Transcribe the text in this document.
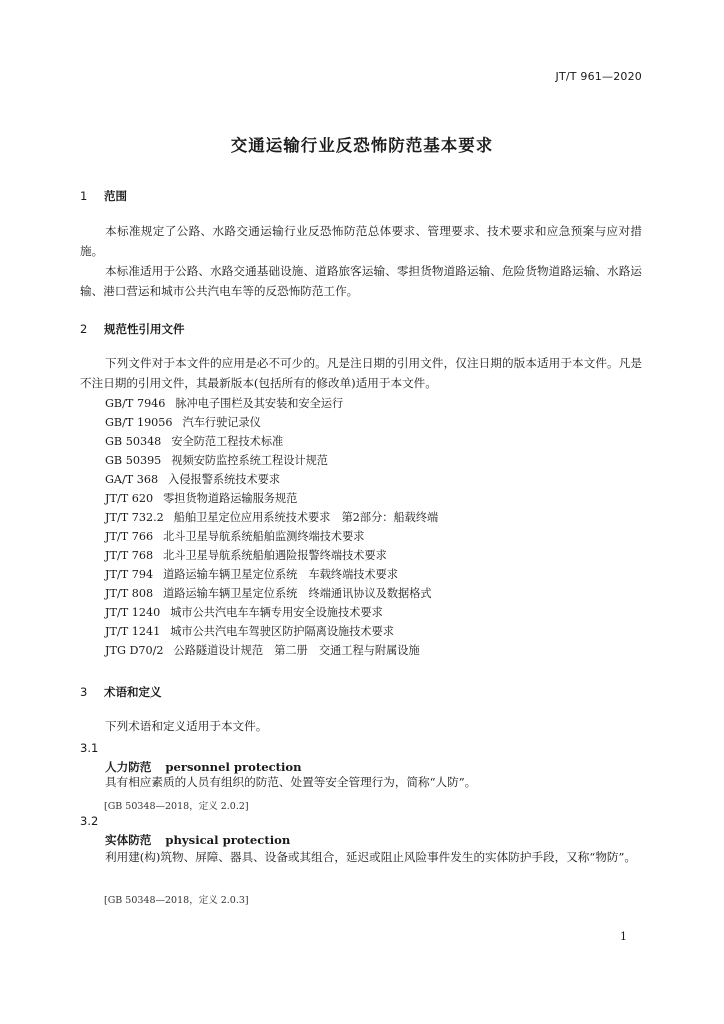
JT/T 961—2020
交通运输行业反恐怖防范基本要求
1 范围
本标准规定了公路、水路交通运输行业反恐怖防范总体要求、管理要求、技术要求和应急预案与应对措施。
本标准适用于公路、水路交通基础设施、道路旅客运输、零担货物道路运输、危险货物道路运输、水路运输、港口营运和城市公共汽电车等的反恐怖防范工作。
2 规范性引用文件
下列文件对于本文件的应用是必不可少的。凡是注日期的引用文件，仅注日期的版本适用于本文件。凡是不注日期的引用文件，其最新版本(包括所有的修改单)适用于本文件。
GB/T 7946 脉冲电子围栏及其安装和安全运行
GB/T 19056 汽车行驶记录仪
GB 50348 安全防范工程技术标准
GB 50395 视频安防监控系统工程设计规范
GA/T 368 入侵报警系统技术要求
JT/T 620 零担货物道路运输服务规范
JT/T 732.2 船舶卫星定位应用系统技术要求　第2部分：船载终端
JT/T 766 北斗卫星导航系统船舶监测终端技术要求
JT/T 768 北斗卫星导航系统船舶遇险报警终端技术要求
JT/T 794 道路运输车辆卫星定位系统　车载终端技术要求
JT/T 808 道路运输车辆卫星定位系统　终端通讯协议及数据格式
JT/T 1240 城市公共汽电车车辆专用安全设施技术要求
JT/T 1241 城市公共汽电车驾驶区防护隔离设施技术要求
JTG D70/2 公路隧道设计规范　第二册　交通工程与附属设施
3 术语和定义
下列术语和定义适用于本文件。
3.1
人力防范 personnel protection
具有相应素质的人员有组织的防范、处置等安全管理行为，简称“人防”。
[GB 50348—2018，定义 2.0.2]
3.2
实体防范 physical protection
利用建(构)筑物、屏障、器具、设备或其组合，延迟或阻止风险事件发生的实体防护手段，又称“物防”。
[GB 50348—2018，定义 2.0.3]
1
